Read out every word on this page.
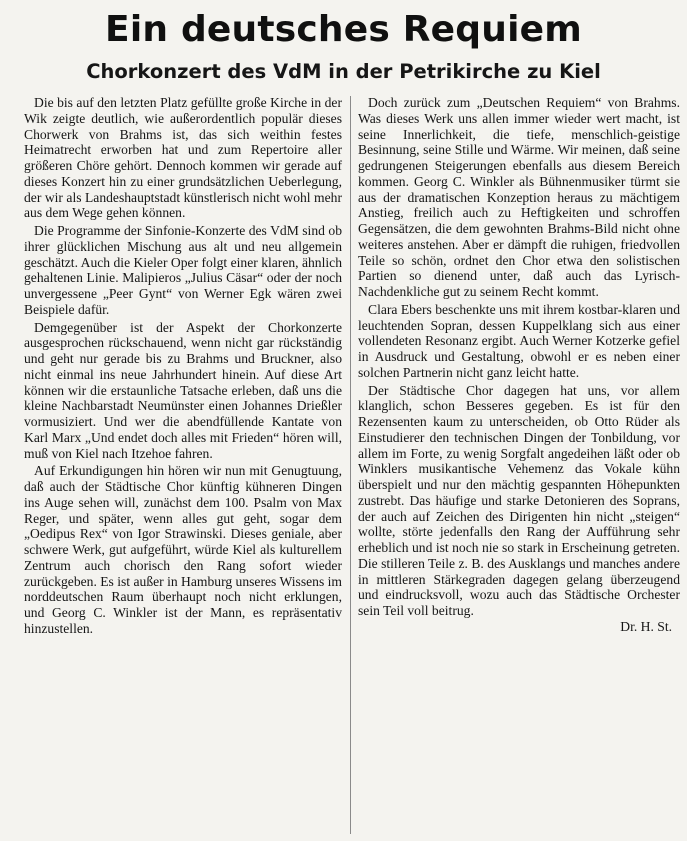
Ein deutsches Requiem
Chorkonzert des VdM in der Petrikirche zu Kiel

Die bis auf den letzten Platz gefüllte große Kirche in der Wik zeigte deutlich, wie außerordentlich populär dieses Chorwerk von Brahms ist, das sich weithin festes Heimatrecht erworben hat und zum Repertoire aller größeren Chöre gehört. Dennoch kommen wir gerade auf dieses Konzert hin zu einer grundsätzlichen Ueberlegung, der wir als Landeshauptstadt künstlerisch nicht wohl mehr aus dem Wege gehen können.

Die Programme der Sinfonie-Konzerte des VdM sind ob ihrer glücklichen Mischung aus alt und neu allgemein geschätzt. Auch die Kieler Oper folgt einer klaren, ähnlich gehaltenen Linie. Malipieros „Julius Cäsar“ oder der noch unvergessene „Peer Gynt“ von Werner Egk wären zwei Beispiele dafür.

Demgegenüber ist der Aspekt der Chorkonzerte ausgesprochen rückschauend, wenn nicht gar rückständig und geht nur gerade bis zu Brahms und Bruckner, also nicht einmal ins neue Jahrhundert hinein. Auf diese Art können wir die erstaunliche Tatsache erleben, daß uns die kleine Nachbarstadt Neumünster einen Johannes Drießler vormusiziert. Und wer die abendfüllende Kantate von Karl Marx „Und endet doch alles mit Frieden“ hören will, muß von Kiel nach Itzehoe fahren.

Auf Erkundigungen hin hören wir nun mit Genugtuung, daß auch der Städtische Chor künftig kühneren Dingen ins Auge sehen will, zunächst dem 100. Psalm von Max Reger, und später, wenn alles gut geht, sogar dem „Oedipus Rex“ von Igor Strawinski. Dieses geniale, aber schwere Werk, gut aufgeführt, würde Kiel als kulturellem Zentrum auch chorisch den Rang sofort wieder zurückgeben. Es ist außer in Hamburg unseres Wissens im norddeutschen Raum überhaupt noch nicht erklungen, und Georg C. Winkler ist der Mann, es repräsentativ hinzustellen.

Doch zurück zum „Deutschen Requiem“ von Brahms. Was dieses Werk uns allen immer wieder wert macht, ist seine Innerlichkeit, die tiefe, menschlich-geistige Besinnung, seine Stille und Wärme. Wir meinen, daß seine gedrungenen Steigerungen ebenfalls aus diesem Bereich kommen. Georg C. Winkler als Bühnenmusiker türmt sie aus der dramatischen Konzeption heraus zu mächtigem Anstieg, freilich auch zu Heftigkeiten und schroffen Gegensätzen, die dem gewohnten Brahms-Bild nicht ohne weiteres anstehen. Aber er dämpft die ruhigen, friedvollen Teile so schön, ordnet den Chor etwa den solistischen Partien so dienend unter, daß auch das Lyrisch-Nachdenkliche gut zu seinem Recht kommt.

Clara Ebers beschenkte uns mit ihrem kostbar-klaren und leuchtenden Sopran, dessen Kuppelklang sich aus einer vollendeten Resonanz ergibt. Auch Werner Kotzerke gefiel in Ausdruck und Gestaltung, obwohl er es neben einer solchen Partnerin nicht ganz leicht hatte.

Der Städtische Chor dagegen hat uns, vor allem klanglich, schon Besseres gegeben. Es ist für den Rezensenten kaum zu unterscheiden, ob Otto Rüder als Einstudierer den technischen Dingen der Tonbildung, vor allem im Forte, zu wenig Sorgfalt angedeihen läßt oder ob Winklers musikantische Vehemenz das Vokale kühn überspielt und nur den mächtig gespannten Höhepunkten zustrebt. Das häufige und starke Detonieren des Soprans, der auch auf Zeichen des Dirigenten hin nicht „steigen“ wollte, störte jedenfalls den Rang der Aufführung sehr erheblich und ist noch nie so stark in Erscheinung getreten. Die stilleren Teile z. B. des Ausklangs und manches andere in mittleren Stärkegraden dagegen gelang überzeugend und eindrucksvoll, wozu auch das Städtische Orchester sein Teil voll beitrug.

Dr. H. St.
